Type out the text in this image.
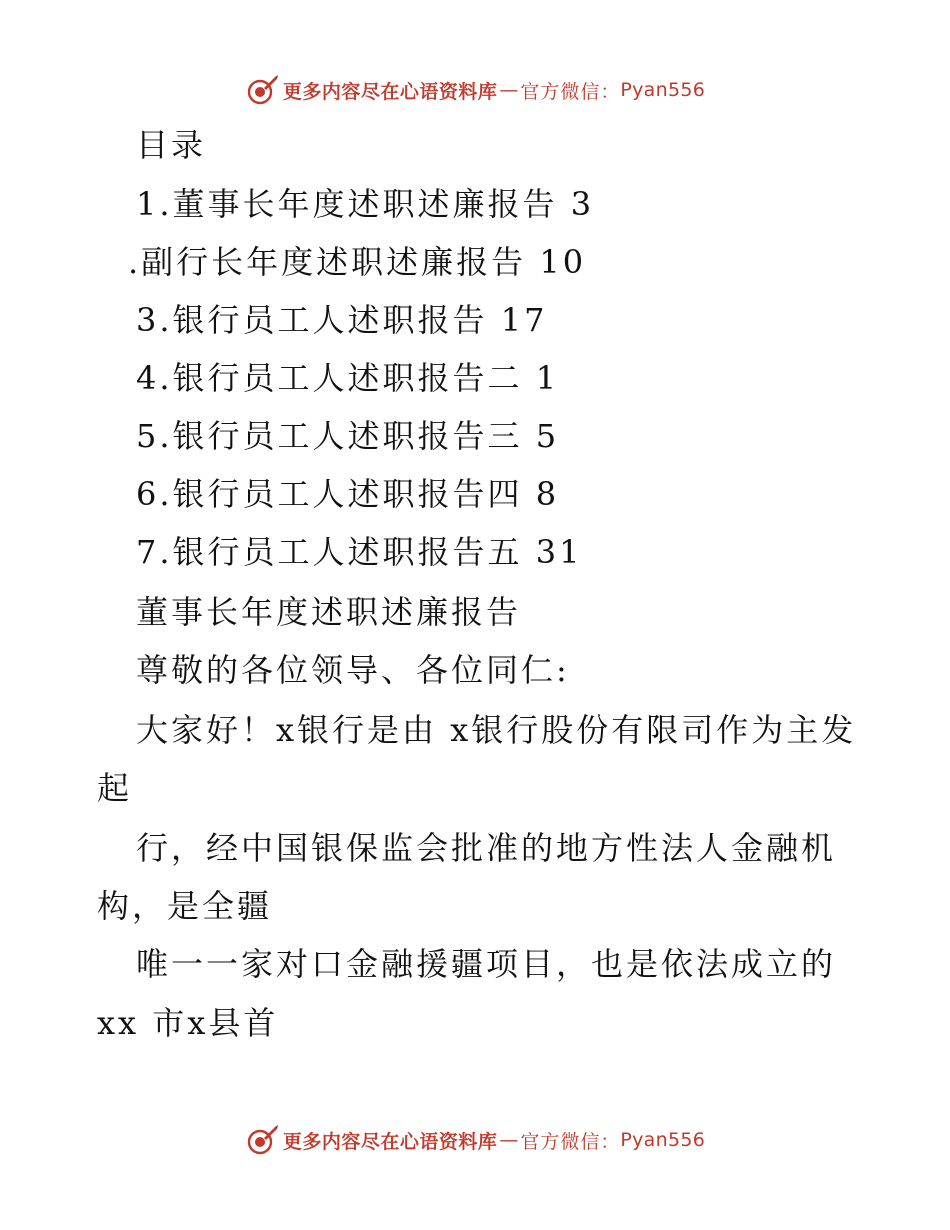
更多内容尽在心语资料库 — 官方微信： Pyan556
目录
1.董事长年度述职述廉报告 3
.副行长年度述职述廉报告 10
3.银行员工人述职报告 17
4.银行员工人述职报告二 1
5.银行员工人述职报告三 5
6.银行员工人述职报告四 8
7.银行员工人述职报告五 31
董事长年度述职述廉报告
尊敬的各位领导、各位同仁:
大家好！x银行是由 x银行股份有限司作为主发
起
行，经中国银保监会批准的地方性法人金融机
构，是全疆
唯一一家对口金融援疆项目，也是依法成立的
xx 市x县首
更多内容尽在心语资料库 — 官方微信： Pyan556
